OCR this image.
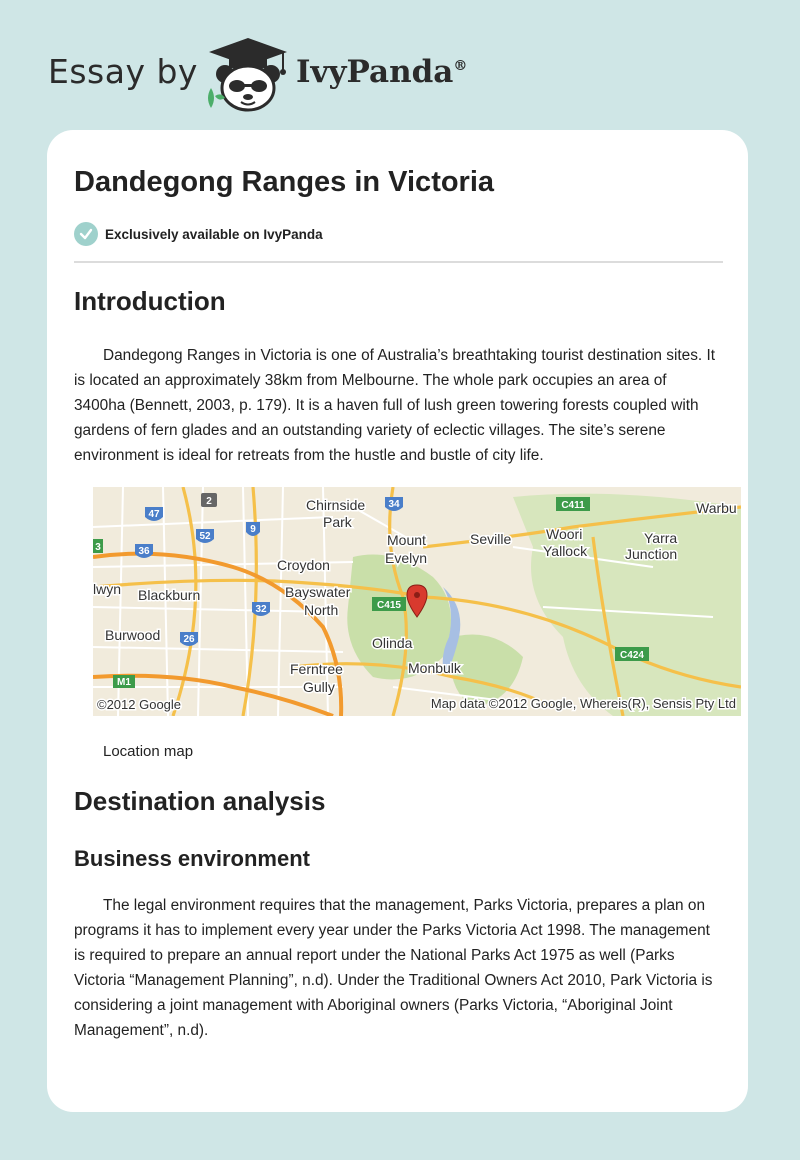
Essay by	IvyPanda®
Dandegong Ranges in Victoria
Exclusively available on IvyPanda
Introduction

Dandegong Ranges in Victoria is one of Australia’s breathtaking tourist destination sites. It is located an approximately 38km from Melbourne. The whole park occupies an area of 3400ha (Bennett, 2003, p. 179). It is a haven full of lush green towering forests coupled with gardens of fern glades and an outstanding variety of eclectic villages. The site’s serene environment is ideal for retreats from the hustle and bustle of city life.

2
47
52
9
34
36
32
26
3
M1
C411
C415
C424
Chirnside
Park
Mount
Evelyn
Seville Woori
Yallock
Yarra
Junction
Warbu
Croydon
Bayswater
North
Blackburn
lwyn
Burwood	Olinda
Monbulk
Ferntree
Gully
©2012 Google	Map data ©2012 Google, Whereis(R), Sensis Pty Ltd
Location map
Destination analysis
Business environment

The legal environment requires that the management, Parks Victoria, prepares a plan on programs it has to implement every year under the Parks Victoria Act 1998. The management is required to prepare an annual report under the National Parks Act 1975 as well (Parks Victoria “Management Planning”, n.d). Under the Traditional Owners Act 2010, Park Victoria is considering a joint management with Aboriginal owners (Parks Victoria, “Aboriginal Joint Management”, n.d).
